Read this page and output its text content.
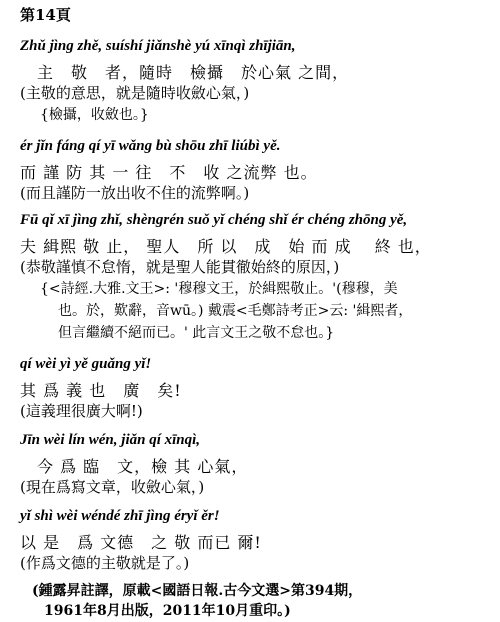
第14頁
Zhǔ jìng zhě, suíshí jiǎnshè yú xīnqì zhījiān,
　主　敬　者，隨時　檢攝　於心氣 之間，
(主敬的意思，就是隨時收斂心氣，)
{檢攝，收斂也。}
ér jǐn fáng qí yī wǎng bù shōu zhī liúbì yě.
而 謹 防 其 一 往　不　收 之流弊 也。
(而且謹防一放出收不住的流弊啊。)
Fū qǐ xī jìng zhǐ, shèngrén suǒ yǐ chéng shǐ ér chéng zhōng yě,
夫 緝熙 敬 止， 聖人　所 以　成　始 而 成　 終 也，
(恭敬謹慎不怠惰，就是聖人能貫徹始終的原因，)
{<詩經.大雅.文王>: '穆穆文王，於緝熙敬止。'(穆穆，美
也。於，歎辭，音wū。) 戴震<毛鄭詩考正>云: '緝熙者，
但言繼續不絕而已。' 此言文王之敬不怠也。}
qí wèi yì yě guǎng yǐ!
其 爲 義 也　廣　矣!
(這義理很廣大啊!)
Jīn wèi lín wén, jiǎn qí xīnqì,
　今 爲 臨　文，檢 其 心氣，
(現在爲寫文章，收斂心氣，)
yǐ shì wèi wéndé zhī jìng éryǐ ěr!
以 是　爲 文德　之 敬 而已 爾!
(作爲文德的主敬就是了。)
(鍾露昇註譯，原載<國語日報.古今文選>第394期，
1961年8月出版，2011年10月重印。)
